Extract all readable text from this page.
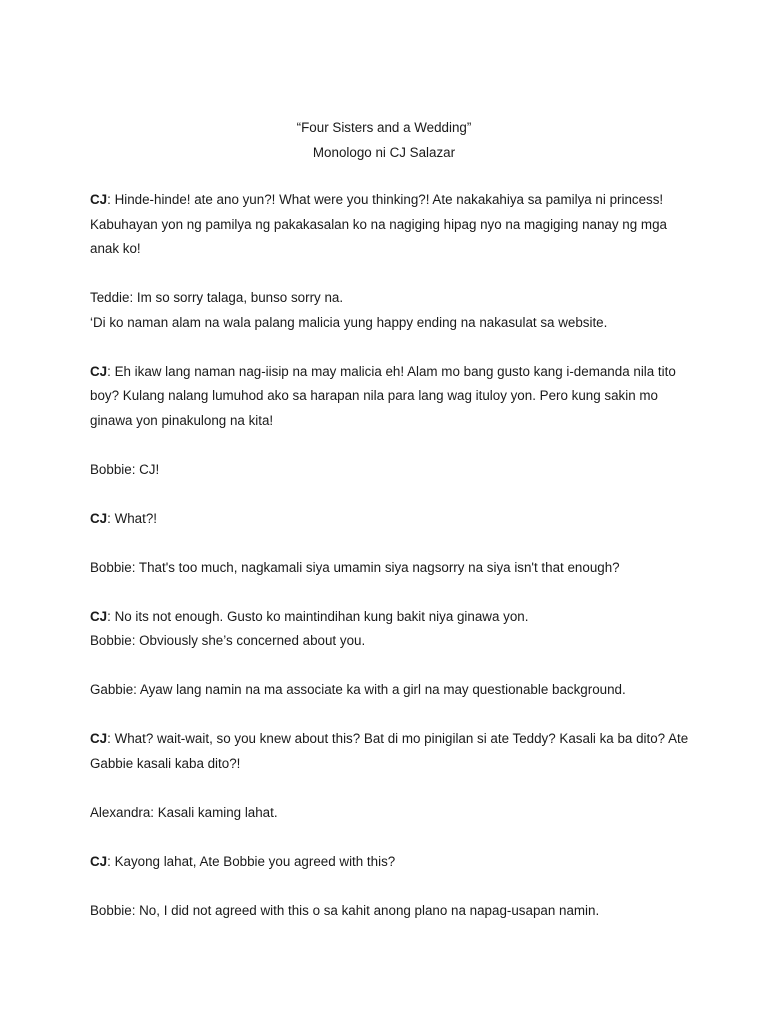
“Four Sisters and a Wedding”
Monologo ni CJ Salazar

CJ: Hinde-hinde! ate ano yun?! What were you thinking?! Ate nakakahiya sa pamilya ni princess! Kabuhayan yon ng pamilya ng pakakasalan ko na nagiging hipag nyo na magiging nanay ng mga anak ko!

Teddie: Im so sorry talaga, bunso sorry na.

‘Di ko naman alam na wala palang malicia yung happy ending na nakasulat sa website.

CJ: Eh ikaw lang naman nag-iisip na may malicia eh! Alam mo bang gusto kang i-demanda nila tito boy? Kulang nalang lumuhod ako sa harapan nila para lang wag ituloy yon. Pero kung sakin mo ginawa yon pinakulong na kita!

Bobbie: CJ!

CJ: What?!

Bobbie: That's too much, nagkamali siya umamin siya nagsorry na siya isn't that enough?

CJ: No its not enough. Gusto ko maintindihan kung bakit niya ginawa yon.

Bobbie: Obviously she’s concerned about you.

Gabbie: Ayaw lang namin na ma associate ka with a girl na may questionable background.

CJ: What? wait-wait, so you knew about this? Bat di mo pinigilan si ate Teddy? Kasali ka ba dito? Ate Gabbie kasali kaba dito?!

Alexandra: Kasali kaming lahat.

CJ: Kayong lahat, Ate Bobbie you agreed with this?

Bobbie: No, I did not agreed with this o sa kahit anong plano na napag-usapan namin.
